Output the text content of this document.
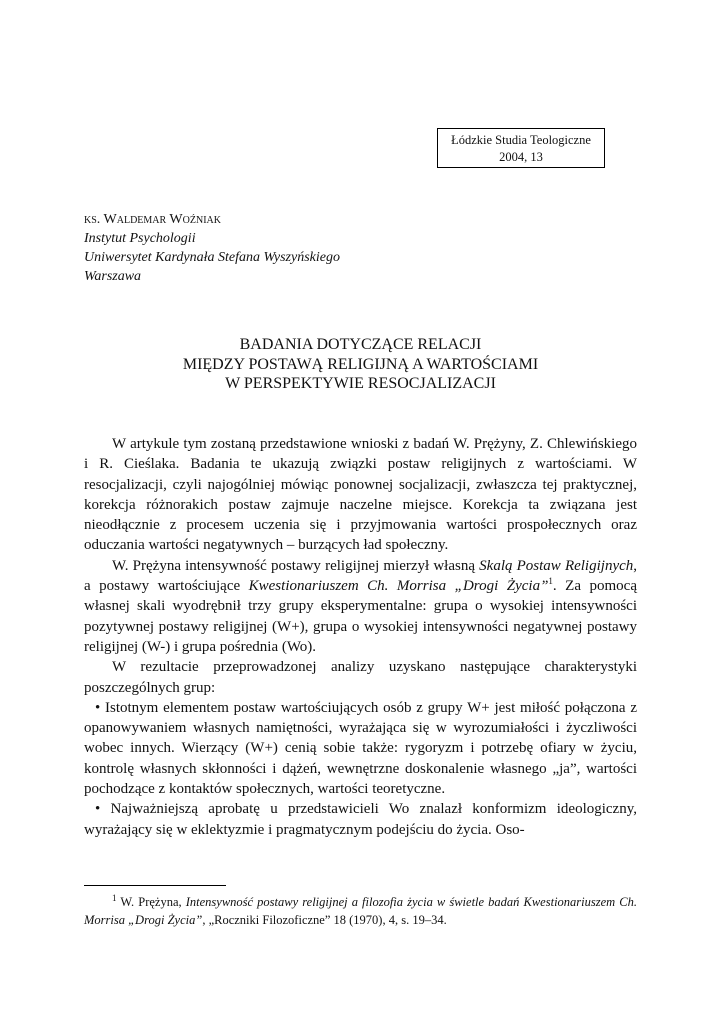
Łódzkie Studia Teologiczne
2004, 13
ks. Waldemar Woźniak
Instytut Psychologii
Uniwersytet Kardynała Stefana Wyszyńskiego
Warszawa
BADANIA DOTYCZĄCE RELACJI
MIĘDZY POSTAWĄ RELIGIJNĄ A WARTOŚCIAMI
W PERSPEKTYWIE RESOCJALIZACJI

W artykule tym zostaną przedstawione wnioski z badań W. Prężyny, Z. Chlewińskiego i R. Cieślaka. Badania te ukazują związki postaw religijnych z wartościami. W resocjalizacji, czyli najogólniej mówiąc ponownej socjalizacji, zwłaszcza tej praktycznej, korekcja różnorakich postaw zajmuje naczelne miejsce. Korekcja ta związana jest nieodłącznie z procesem uczenia się i przyjmowania wartości prospołecznych oraz oduczania wartości negatywnych – burzących ład społeczny.

W. Prężyna intensywność postawy religijnej mierzył własną Skalą Postaw Religijnych, a postawy wartościujące Kwestionariuszem Ch. Morrisa „Drogi Życia”$^1$. Za pomocą własnej skali wyodrębnił trzy grupy eksperymentalne: grupa o wysokiej intensywności pozytywnej postawy religijnej (W+), grupa o wysokiej intensywności negatywnej postawy religijnej (W-) i grupa pośrednia (Wo).

W rezultacie przeprowadzonej analizy uzyskano następujące charakterystyki poszczególnych grup:

• Istotnym elementem postaw wartościujących osób z grupy W+ jest miłość połączona z opanowywaniem własnych namiętności, wyrażająca się w wyrozumiałości i życzliwości wobec innych. Wierzący (W+) cenią sobie także: rygoryzm i potrzebę ofiary w życiu, kontrolę własnych skłonności i dążeń, wewnętrzne doskonalenie własnego „ja”, wartości pochodzące z kontaktów społecznych, wartości teoretyczne.

• Najważniejszą aprobatę u przedstawicieli Wo znalazł konformizm ideologiczny, wyrażający się w eklektyzmie i pragmatycznym podejściu do życia. Oso-

$^1$ W. Prężyna, Intensywność postawy religijnej a filozofia życia w świetle badań Kwestionariuszem Ch. Morrisa „Drogi Życia”, „Roczniki Filozoficzne” 18 (1970), 4, s. 19–34.
